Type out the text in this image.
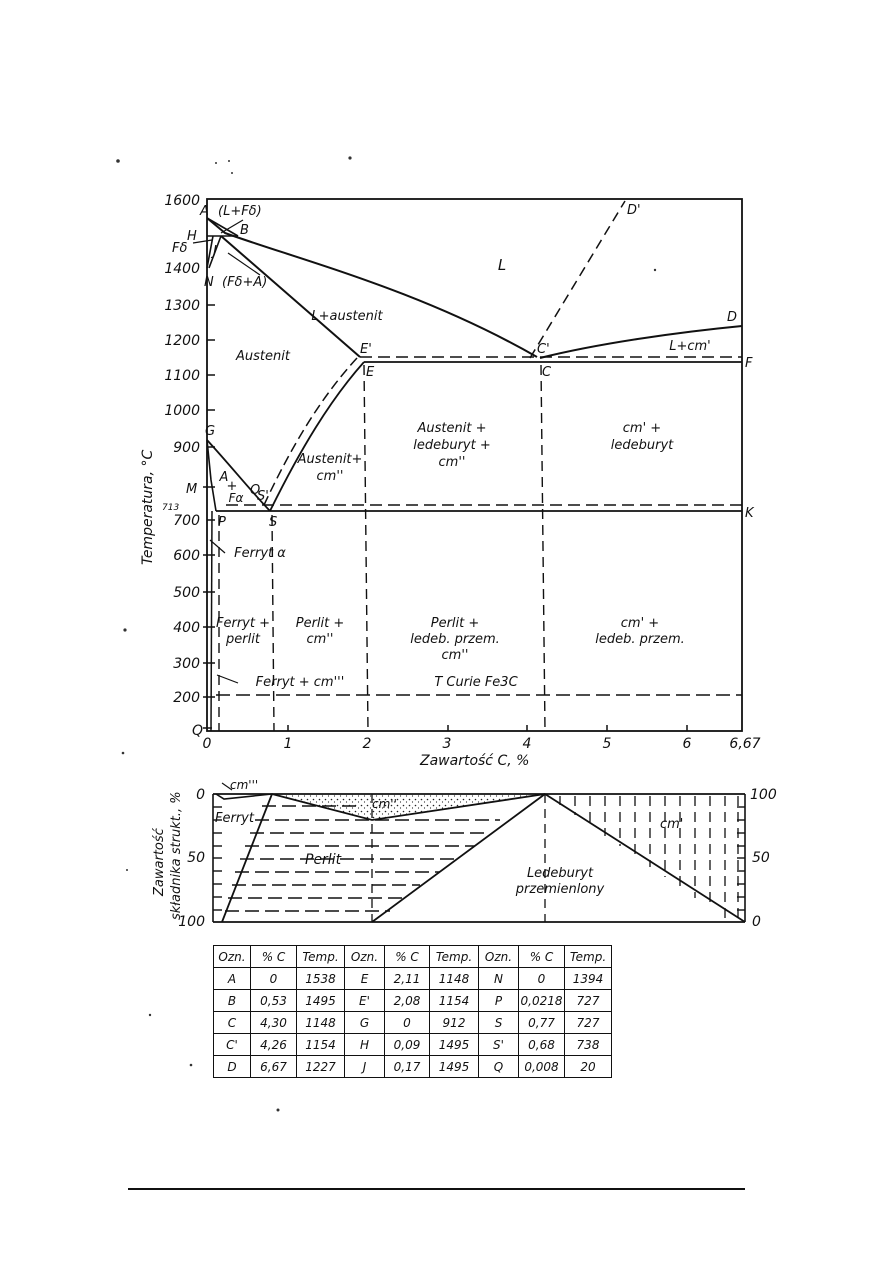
1600
1400
1300
1200
1100
1000
900
700
600
500
400
300
200
Q
713
Temperatura, °C
0	1	2	3	4	5	6	6,67
Zawartość C, %
A (L+Fδ)
H	B
Fδ J
N (Fδ+A)
D'
D
E'
E
C'
C
F
G
M
P	S
O
S'
K
L
L+austenit
Austenit
L+cm'
Austenit+
cm''
Austenit +
ledeburyt +
cm''
cm' +
ledeburyt
A
+
Fα
Ferryt α
Ferryt +
perlit
Perlit +
cm''
Perlit +
ledeb. przem.
cm''
cm' +
ledeb. przem.
Ferryt + cm'''	T Curie Fe3C
cm'''
Ferryt
cm''
Perlit
Ledeburyt
przemienlony
cm'
0
50
100
100
50
0
Zawartość składnika strukt., %
Ozn.	% C	Temp.	Ozn.	% C	Temp.	Ozn.	% C	Temp.
A	0	1538	E	2,11	1148	N	0	1394
B	0,53	1495	E'	2,08	1154	P	0,0218	727
C	4,30	1148	G	0	912	S	0,77	727
C'	4,26	1154	H	0,09	1495	S'	0,68	738
D	6,67	1227	J	0,17	1495	Q	0,008	20
